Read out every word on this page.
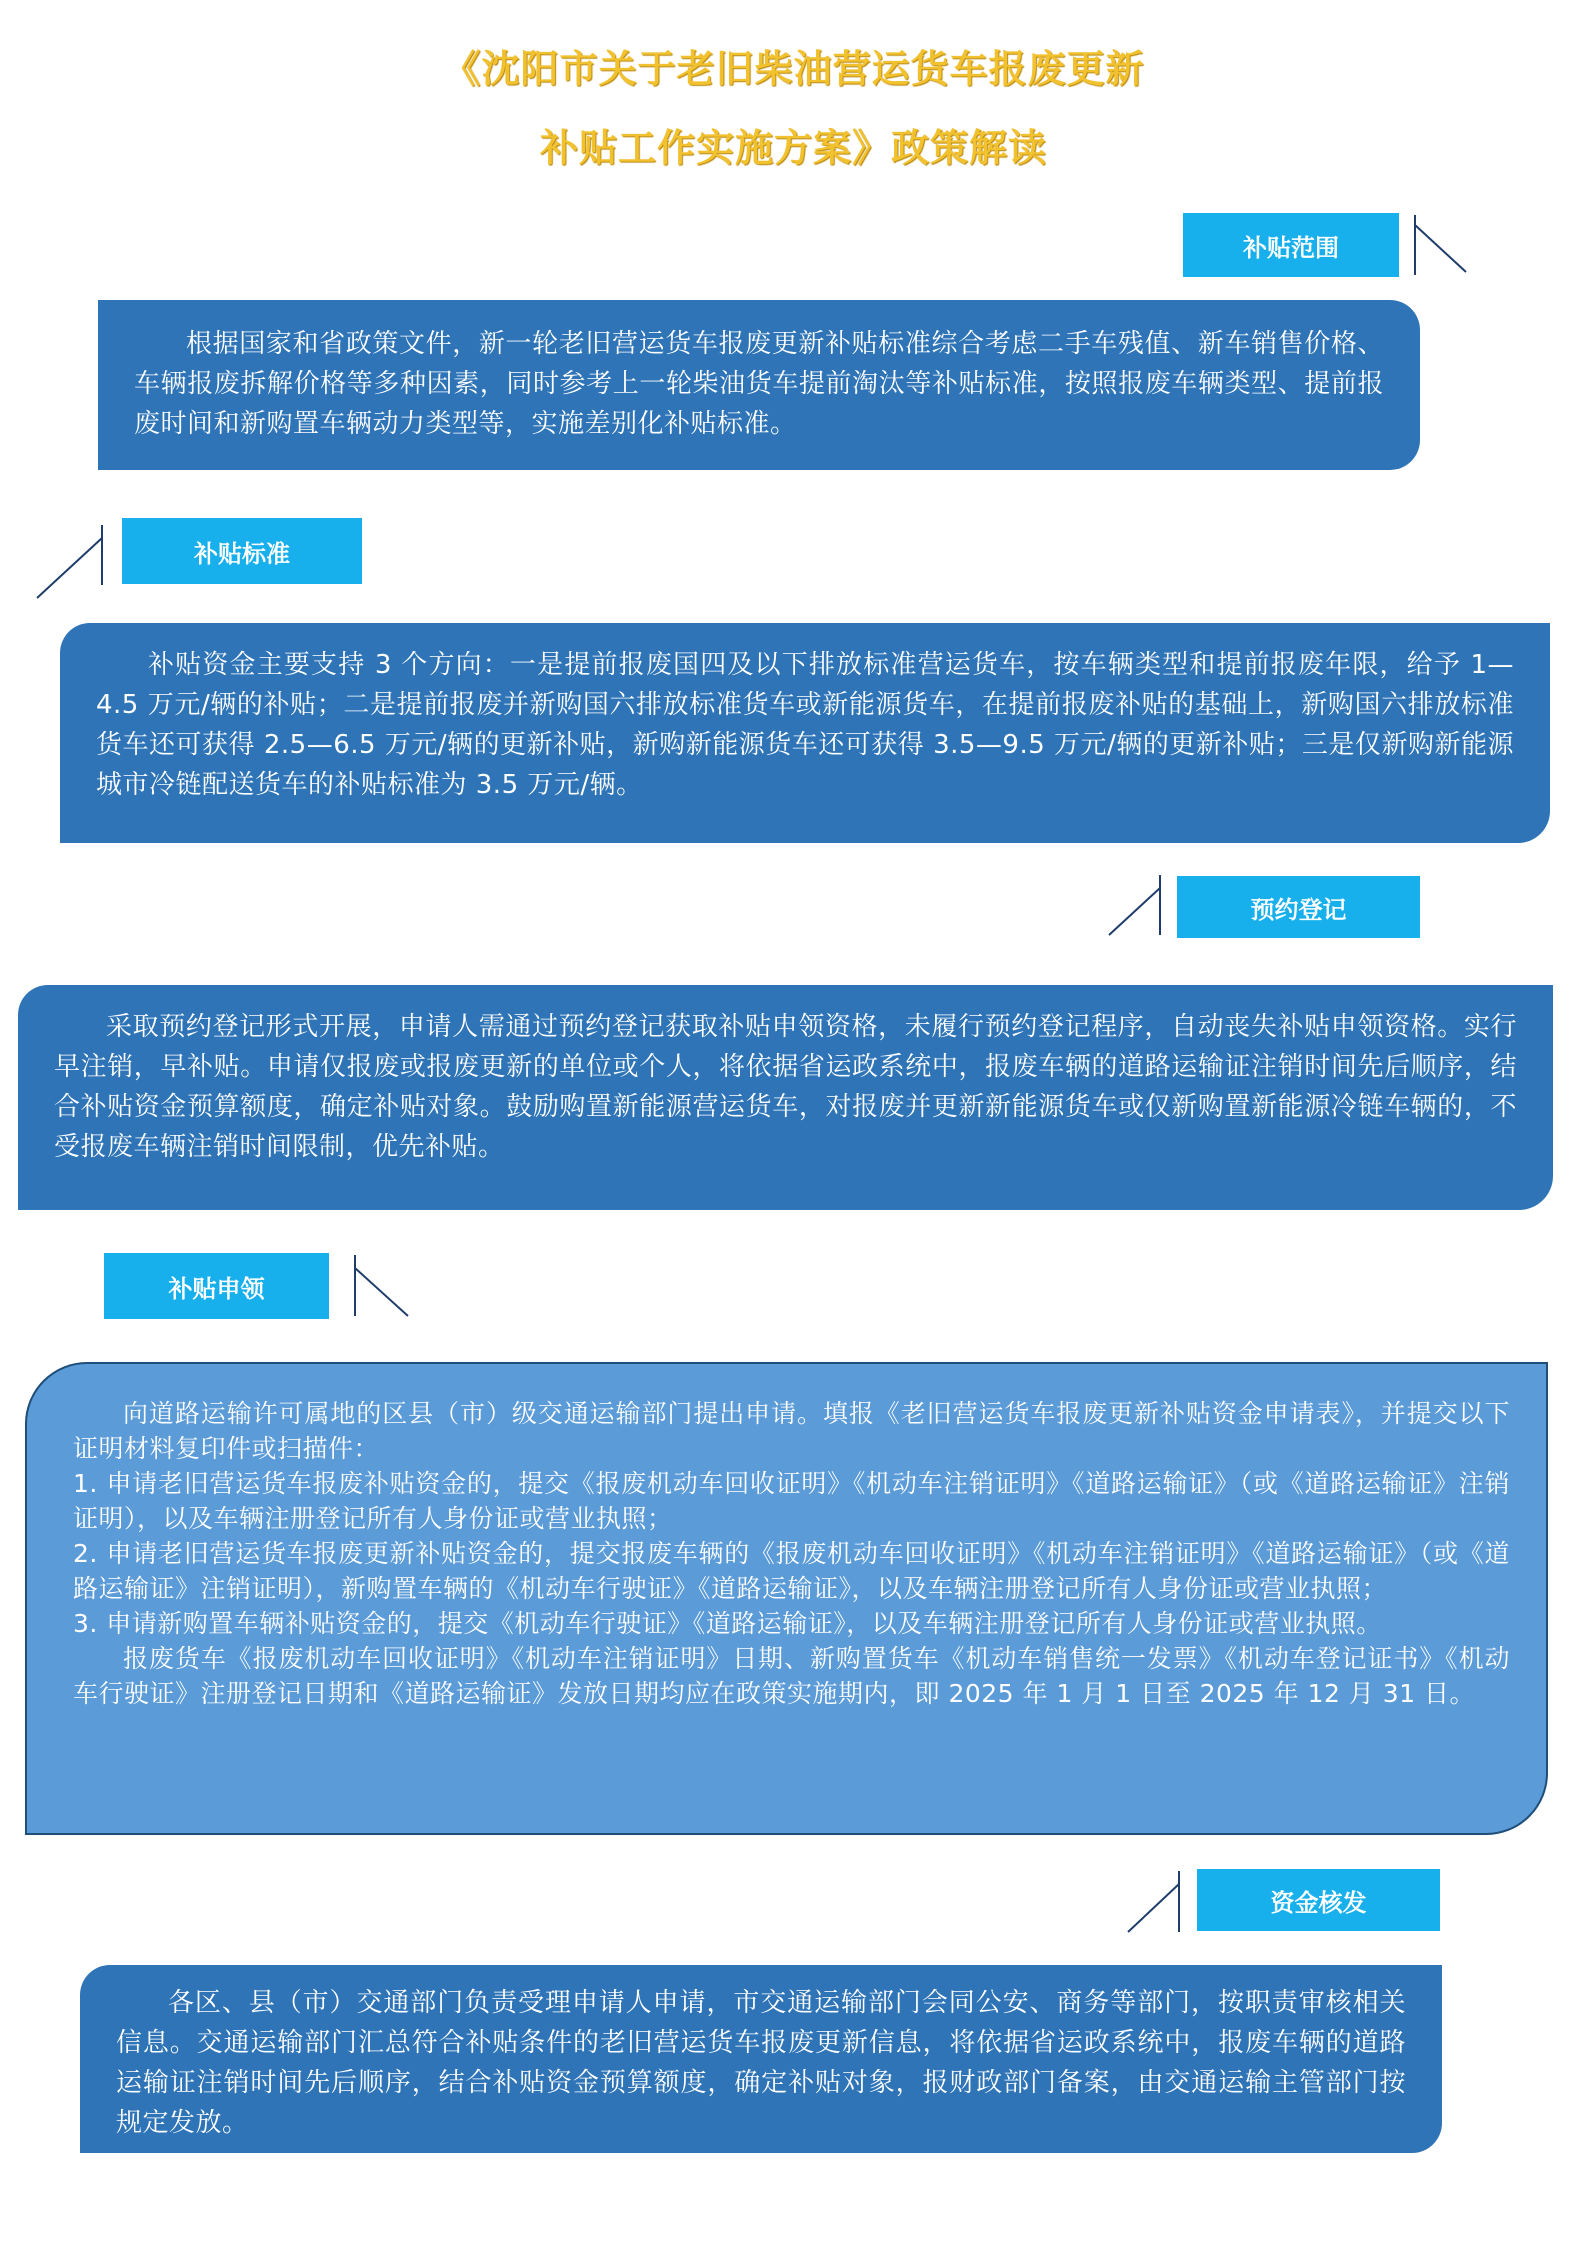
《沈阳市关于老旧柴油营运货车报废更新
补贴工作实施方案》政策解读
补贴范围

根据国家和省政策文件，新一轮老旧营运货车报废更新补贴标准综合考虑二手车残值、新车销售价格、车辆报废拆解价格等多种因素，同时参考上一轮柴油货车提前淘汰等补贴标准，按照报废车辆类型、提前报废时间和新购置车辆动力类型等，实施差别化补贴标准。

补贴标准

补贴资金主要支持 3 个方向：一是提前报废国四及以下排放标准营运货车，按车辆类型和提前报废年限，给予 1—4.5 万元/辆的补贴；二是提前报废并新购国六排放标准货车或新能源货车，在提前报废补贴的基础上，新购国六排放标准货车还可获得 2.5—6.5 万元/辆的更新补贴，新购新能源货车还可获得 3.5—9.5 万元/辆的更新补贴；三是仅新购新能源城市冷链配送货车的补贴标准为 3.5 万元/辆。

预约登记

采取预约登记形式开展，申请人需通过预约登记获取补贴申领资格，未履行预约登记程序，自动丧失补贴申领资格。实行早注销，早补贴。申请仅报废或报废更新的单位或个人，将依据省运政系统中，报废车辆的道路运输证注销时间先后顺序，结合补贴资金预算额度，确定补贴对象。鼓励购置新能源营运货车，对报废并更新新能源货车或仅新购置新能源冷链车辆的，不受报废车辆注销时间限制，优先补贴。

补贴申领

向道路运输许可属地的区县（市）级交通运输部门提出申请。填报《老旧营运货车报废更新补贴资金申请表》，并提交以下证明材料复印件或扫描件：

1. 申请老旧营运货车报废补贴资金的，提交《报废机动车回收证明》《机动车注销证明》《道路运输证》（或《道路运输证》注销证明），以及车辆注册登记所有人身份证或营业执照；

2. 申请老旧营运货车报废更新补贴资金的，提交报废车辆的《报废机动车回收证明》《机动车注销证明》《道路运输证》（或《道路运输证》注销证明），新购置车辆的《机动车行驶证》《道路运输证》，以及车辆注册登记所有人身份证或营业执照；

3. 申请新购置车辆补贴资金的，提交《机动车行驶证》《道路运输证》，以及车辆注册登记所有人身份证或营业执照。

报废货车《报废机动车回收证明》《机动车注销证明》日期、新购置货车《机动车销售统一发票》《机动车登记证书》《机动车行驶证》注册登记日期和《道路运输证》发放日期均应在政策实施期内，即 2025 年 1 月 1 日至 2025 年 12 月 31 日。

资金核发

各区、县（市）交通部门负责受理申请人申请，市交通运输部门会同公安、商务等部门，按职责审核相关信息。交通运输部门汇总符合补贴条件的老旧营运货车报废更新信息，将依据省运政系统中，报废车辆的道路运输证注销时间先后顺序，结合补贴资金预算额度，确定补贴对象，报财政部门备案，由交通运输主管部门按规定发放。
